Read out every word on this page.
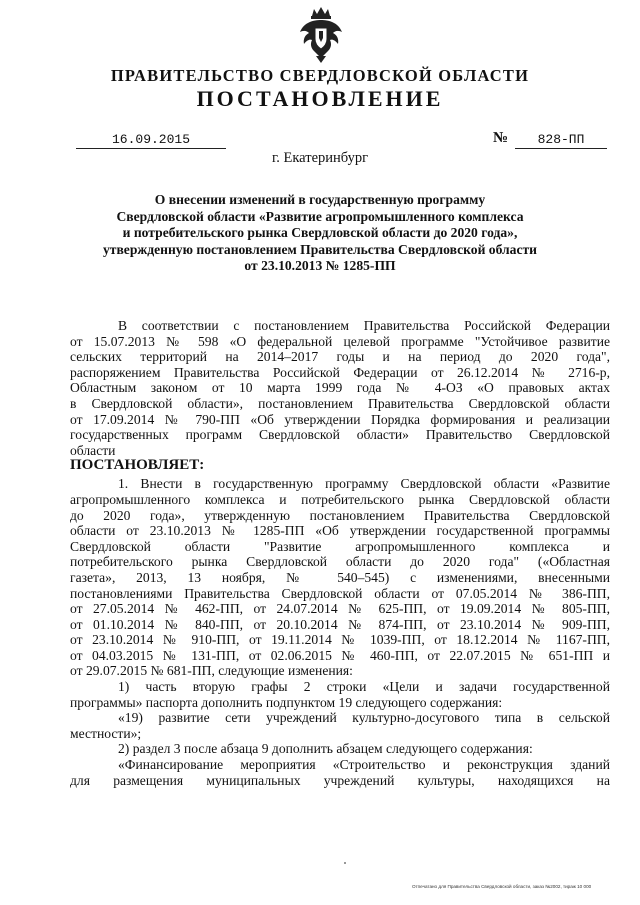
ПРАВИТЕЛЬСТВО СВЕРДЛОВСКОЙ ОБЛАСТИ
ПОСТАНОВЛЕНИЕ
16.09.2015	№	828-ПП
г. Екатеринбург
О внесении изменений в государственную программу
Свердловской области «Развитие агропромышленного комплекса
и потребительского рынка Свердловской области до 2020 года»,
утвержденную постановлением Правительства Свердловской области
от 23.10.2013 № 1285-ПП
В соответствии с постановлением Правительства Российской Федерации
от 15.07.2013 № 598 «О федеральной целевой программе "Устойчивое развитие
сельских территорий на 2014–2017 годы и на период до 2020 года",
распоряжением Правительства Российской Федерации от 26.12.2014 № 2716-р,
Областным законом от 10 марта 1999 года № 4-ОЗ «О правовых актах
в Свердловской области», постановлением Правительства Свердловской области
от 17.09.2014 № 790-ПП «Об утверждении Порядка формирования и реализации
государственных программ Свердловской области» Правительство Свердловской
области
ПОСТАНОВЛЯЕТ:
1. Внести в государственную программу Свердловской области «Развитие
агропромышленного комплекса и потребительского рынка Свердловской области
до 2020 года», утвержденную постановлением Правительства Свердловской
области от 23.10.2013 № 1285-ПП «Об утверждении государственной программы
Свердловской области "Развитие агропромышленного комплекса и
потребительского рынка Свердловской области до 2020 года" («Областная
газета», 2013, 13 ноября, № 540–545) с изменениями, внесенными
постановлениями Правительства Свердловской области от 07.05.2014 № 386-ПП,
от 27.05.2014 № 462-ПП, от 24.07.2014 № 625-ПП, от 19.09.2014 № 805-ПП,
от 01.10.2014 № 840-ПП, от 20.10.2014 № 874-ПП, от 23.10.2014 № 909-ПП,
от 23.10.2014 № 910-ПП, от 19.11.2014 № 1039-ПП, от 18.12.2014 № 1167-ПП,
от 04.03.2015 № 131-ПП, от 02.06.2015 № 460-ПП, от 22.07.2015 № 651-ПП и
от 29.07.2015 № 681-ПП, следующие изменения:
1) часть вторую графы 2 строки «Цели и задачи государственной
программы» паспорта дополнить подпунктом 19 следующего содержания:
«19) развитие сети учреждений культурно-досугового типа в сельской
местности»;
2) раздел 3 после абзаца 9 дополнить абзацем следующего содержания:
«Финансирование мероприятия «Строительство и реконструкция зданий
для размещения муниципальных учреждений культуры, находящихся на
Отпечатано для Правительства Свердловской области, заказ №2002, тираж 10 000
